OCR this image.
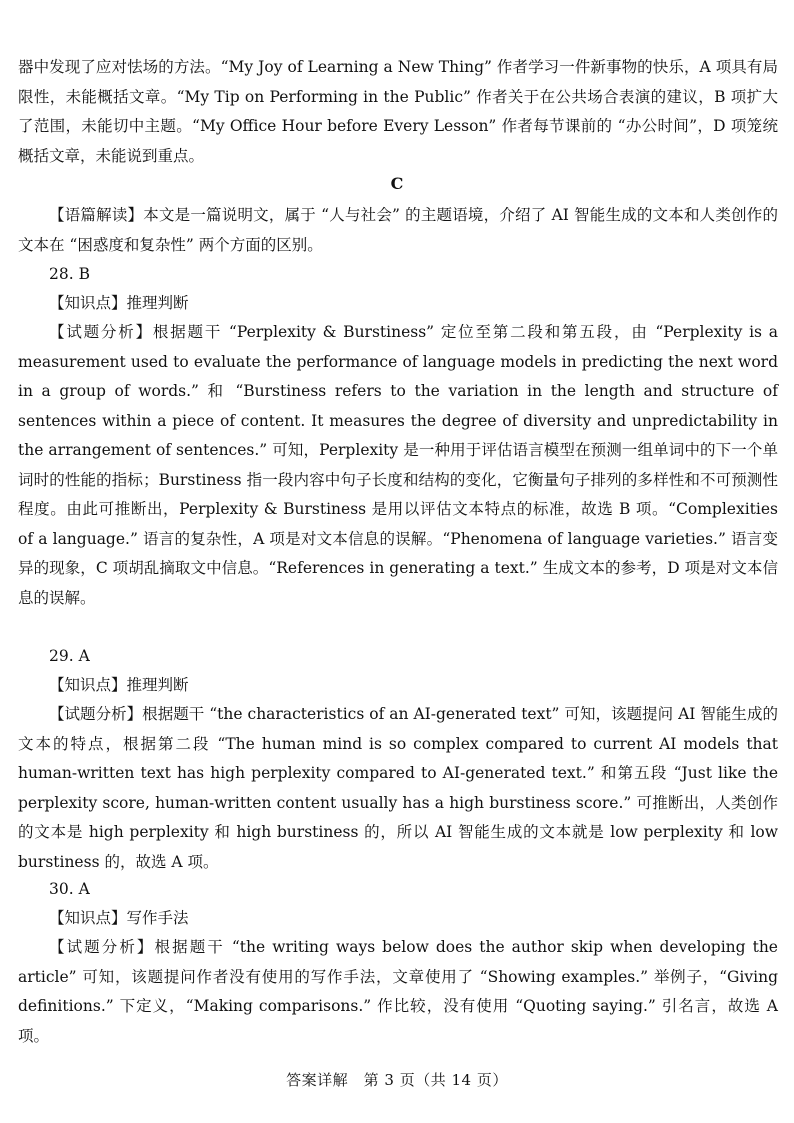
器中发现了应对怯场的方法。“My Joy of Learning a New Thing” 作者学习一件新事物的快乐，A 项具有局限性，未能概括文章。“My Tip on Performing in the Public” 作者关于在公共场合表演的建议，B 项扩大了范围，未能切中主题。“My Office Hour before Every Lesson” 作者每节课前的 “办公时间”，D 项笼统概括文章，未能说到重点。

C

【语篇解读】本文是一篇说明文，属于 “人与社会” 的主题语境，介绍了 AI 智能生成的文本和人类创作的文本在 “困惑度和复杂性” 两个方面的区别。

28. B
【知识点】推理判断

【试题分析】根据题干 “Perplexity & Burstiness” 定位至第二段和第五段，由 “Perplexity is a measurement used to evaluate the performance of language models in predicting the next word in a group of words.” 和 “Burstiness refers to the variation in the length and structure of sentences within a piece of content. It measures the degree of diversity and unpredictability in the arrangement of sentences.” 可知，Perplexity 是一种用于评估语言模型在预测一组单词中的下一个单词时的性能的指标；Burstiness 指一段内容中句子长度和结构的变化，它衡量句子排列的多样性和不可预测性程度。由此可推断出，Perplexity & Burstiness 是用以评估文本特点的标准，故选 B 项。“Complexities of a language.” 语言的复杂性，A 项是对文本信息的误解。“Phenomena of language varieties.” 语言变异的现象，C 项胡乱摘取文中信息。“References in generating a text.” 生成文本的参考，D 项是对文本信息的误解。

29. A
【知识点】推理判断

【试题分析】根据题干 “the characteristics of an AI-generated text” 可知，该题提问 AI 智能生成的文本的特点，根据第二段 “The human mind is so complex compared to current AI models that human-written text has high perplexity compared to AI-generated text.” 和第五段 “Just like the perplexity score, human-written content usually has a high burstiness score.” 可推断出，人类创作的文本是 high perplexity 和 high burstiness 的，所以 AI 智能生成的文本就是 low perplexity 和 low burstiness 的，故选 A 项。

30. A
【知识点】写作手法

【试题分析】根据题干 “the writing ways below does the author skip when developing the article” 可知，该题提问作者没有使用的写作手法，文章使用了 “Showing examples.” 举例子，“Giving definitions.” 下定义，“Making comparisons.” 作比较，没有使用 “Quoting saying.” 引名言，故选 A 项。

答案详解　第 3 页（共 14 页）
